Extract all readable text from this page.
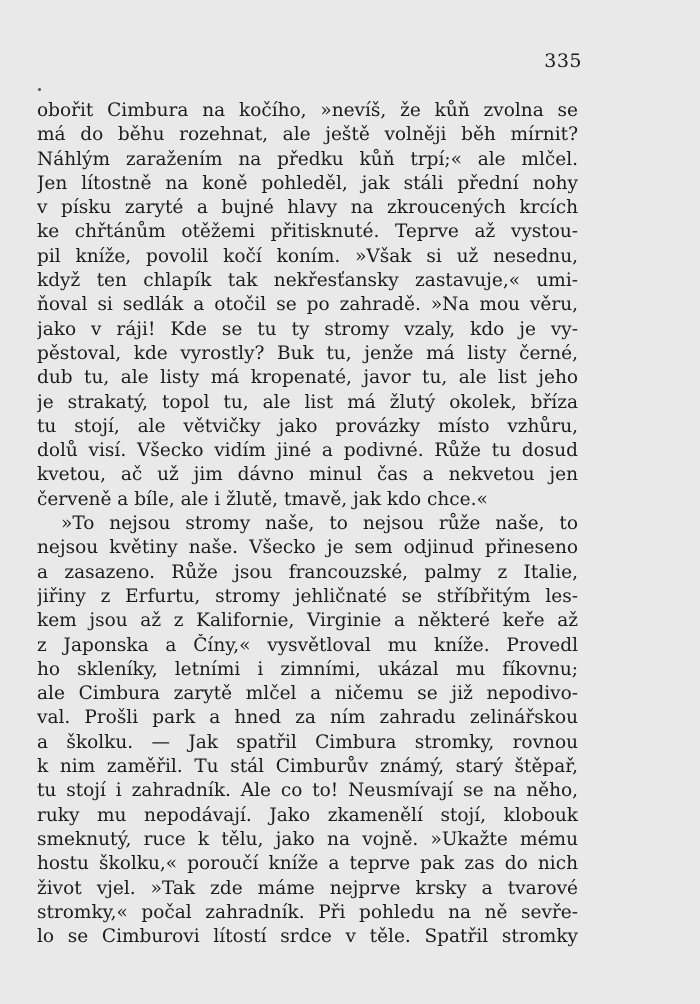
335
obořit Cimbura na kočího, »nevíš, že kůň zvolna se
má do běhu rozehnat, ale ještě volněji běh mírnit?
Náhlým zaražením na předku kůň trpí;« ale mlčel.
Jen lítostně na koně pohleděl, jak stáli přední nohy
v písku zaryté a bujné hlavy na zkroucených krcích
ke chřtánům otěžemi přitisknuté. Teprve až vystou-
pil kníže, povolil kočí koním. »Však si už nesednu,
když ten chlapík tak nekřesťansky zastavuje,« umi-
ňoval si sedlák a otočil se po zahradě. »Na mou věru,
jako v ráji! Kde se tu ty stromy vzaly, kdo je vy-
pěstoval, kde vyrostly? Buk tu, jenže má listy černé,
dub tu, ale listy má kropenaté, javor tu, ale list jeho
je strakatý, topol tu, ale list má žlutý okolek, bříza
tu stojí, ale větvičky jako provázky místo vzhůru,
dolů visí. Všecko vidím jiné a podivné. Růže tu dosud
kvetou, ač už jim dávno minul čas a nekvetou jen
červeně a bíle, ale i žlutě, tmavě, jak kdo chce.«
»To nejsou stromy naše, to nejsou růže naše, to
nejsou květiny naše. Všecko je sem odjinud přineseno
a zasazeno. Růže jsou francouzské, palmy z Italie,
jiřiny z Erfurtu, stromy jehličnaté se stříbřitým les-
kem jsou až z Kalifornie, Virginie a některé keře až
z Japonska a Číny,« vysvětloval mu kníže. Provedl
ho skleníky, letními i zimními, ukázal mu fíkovnu;
ale Cimbura zarytě mlčel a ničemu se již nepodivo-
val. Prošli park a hned za ním zahradu zelinářskou
a školku. — Jak spatřil Cimbura stromky, rovnou
k nim zaměřil. Tu stál Cimburův známý, starý štěpař,
tu stojí i zahradník. Ale co to! Neusmívají se na něho,
ruky mu nepodávají. Jako zkamenělí stojí, klobouk
smeknutý, ruce k tělu, jako na vojně. »Ukažte mému
hostu školku,« poroučí kníže a teprve pak zas do nich
život vjel. »Tak zde máme nejprve krsky a tvarové
stromky,« počal zahradník. Při pohledu na ně sevře-
lo se Cimburovi lítostí srdce v těle. Spatřil stromky
